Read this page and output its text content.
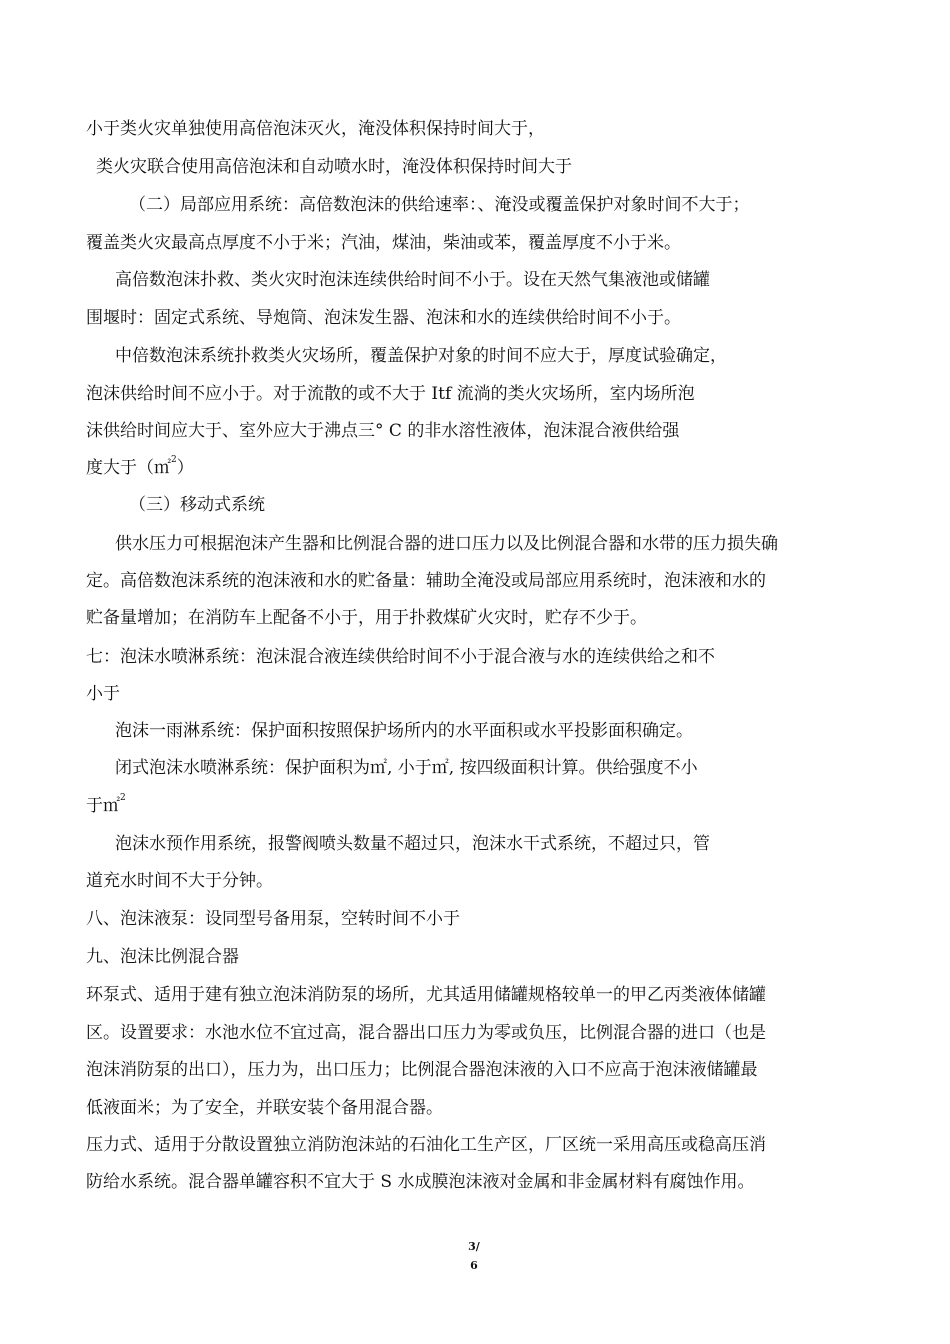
小于类火灾单独使用高倍泡沫灭火，淹没体积保持时间大于，
类火灾联合使用高倍泡沫和自动喷水时，淹没体积保持时间大于
（二）局部应用系统：高倍数泡沫的供给速率：、淹没或覆盖保护对象时间不大于；
覆盖类火灾最高点厚度不小于米；汽油，煤油，柴油或苯，覆盖厚度不小于米。
高倍数泡沫扑救、类火灾时泡沫连续供给时间不小于。设在天然气集液池或储罐
围堰时：固定式系统、导炮筒、泡沫发生器、泡沫和水的连续供给时间不小于。
中倍数泡沫系统扑救类火灾场所，覆盖保护对象的时间不应大于，厚度试验确定，
泡沫供给时间不应小于。对于流散的或不大于 Itf 流淌的类火灾场所，室内场所泡
沫供给时间应大于、室外应大于沸点三° C 的非水溶性液体，泡沫混合液供给强
度大于（㎡$^2$）
（三）移动式系统
供水压力可根据泡沫产生器和比例混合器的进口压力以及比例混合器和水带的压力损失确
定。高倍数泡沫系统的泡沫液和水的贮备量：辅助全淹没或局部应用系统时，泡沫液和水的
贮备量增加；在消防车上配备不小于，用于扑救煤矿火灾时，贮存不少于。
七：泡沫水喷淋系统：泡沫混合液连续供给时间不小于混合液与水的连续供给之和不
小于
泡沫一雨淋系统：保护面积按照保护场所内的水平面积或水平投影面积确定。
闭式泡沫水喷淋系统：保护面积为㎡, 小于㎡, 按四级面积计算。供给强度不小
于㎡$^2$
泡沫水预作用系统，报警阀喷头数量不超过只，泡沫水干式系统，不超过只，管
道充水时间不大于分钟。
八、泡沫液泵：设同型号备用泵，空转时间不小于
九、泡沫比例混合器
环泵式、适用于建有独立泡沫消防泵的场所，尤其适用储罐规格较单一的甲乙丙类液体储罐
区。设置要求：水池水位不宜过高，混合器出口压力为零或负压，比例混合器的进口（也是
泡沫消防泵的出口），压力为，出口压力；比例混合器泡沫液的入口不应高于泡沫液储罐最
低液面米；为了安全，并联安装个备用混合器。
压力式、适用于分散设置独立消防泡沫站的石油化工生产区，厂区统一采用高压或稳高压消
防给水系统。混合器单罐容积不宜大于 S 水成膜泡沫液对金属和非金属材料有腐蚀作用。
3/
6
